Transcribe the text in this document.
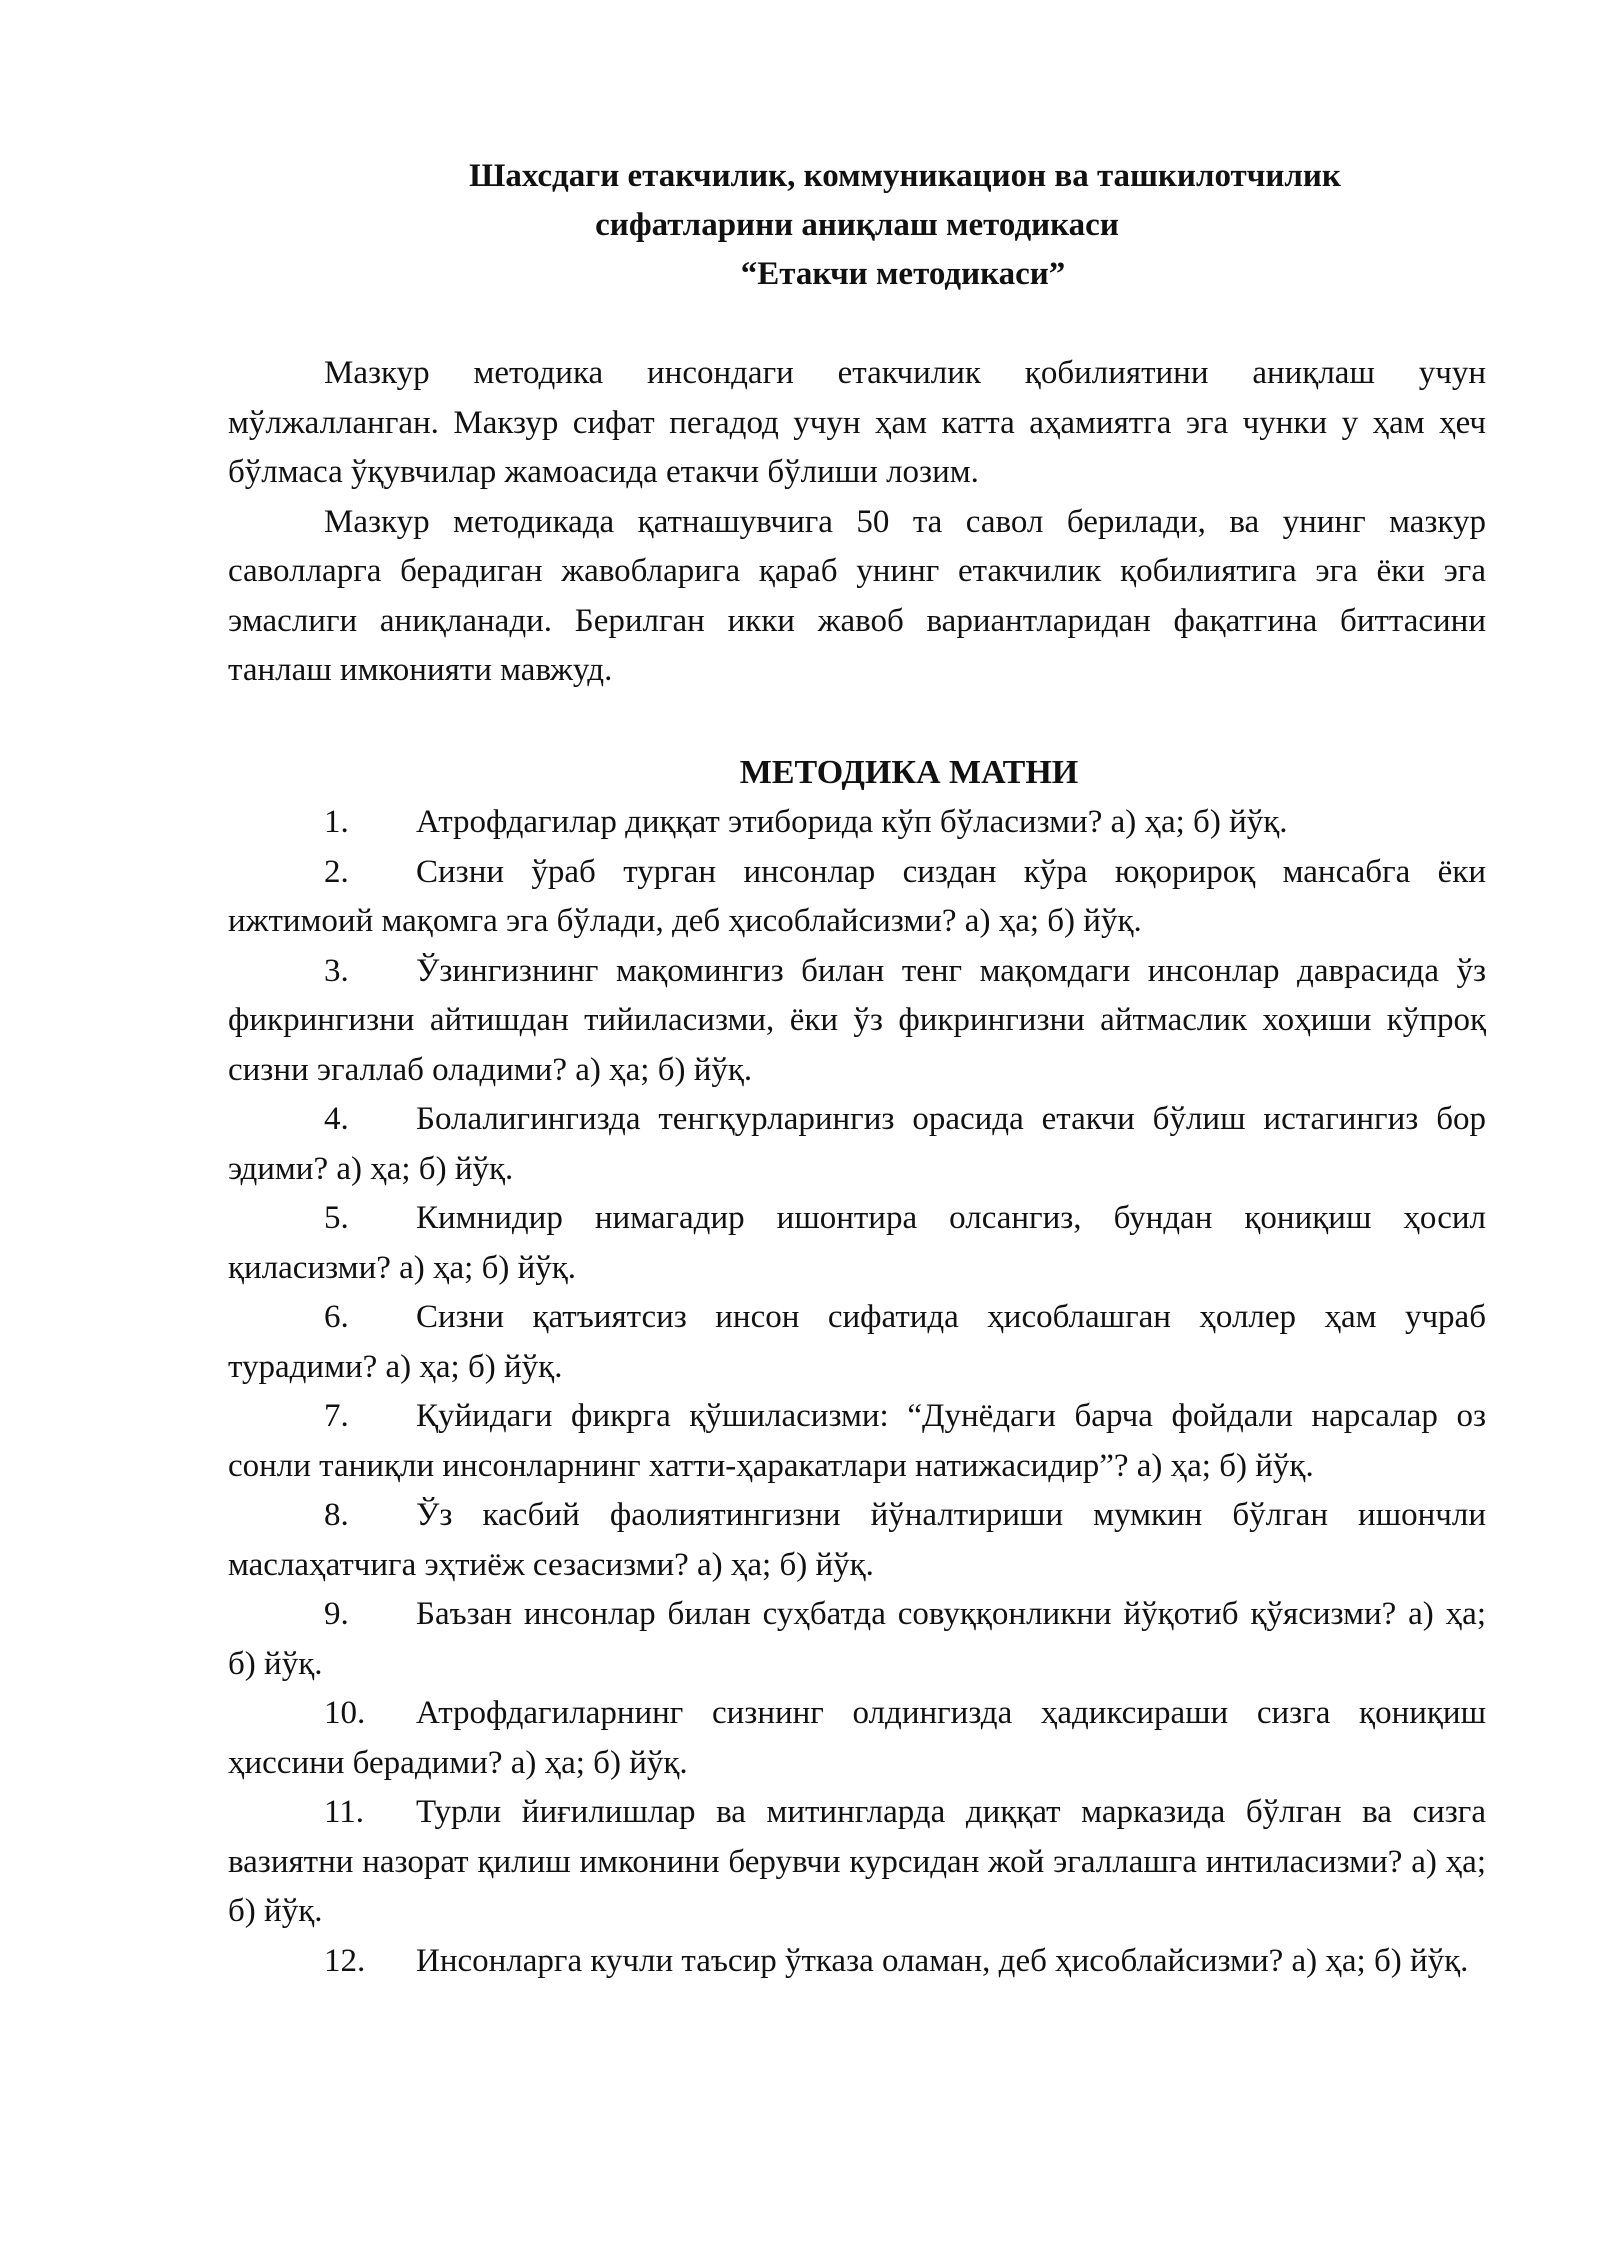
Шахсдаги етакчилик, коммуникацион ва ташкилотчилик
сифатларини аниқлаш методикаси
“Етакчи методикаси”

Мазкур методика инсондаги етакчилик қобилиятини аниқлаш учун мўлжалланган. Макзур сифат пегадод учун ҳам катта аҳамиятга эга чунки у ҳам ҳеч бўлмаса ўқувчилар жамоасида етакчи бўлиши лозим.

Мазкур методикада қатнашувчига 50 та савол берилади, ва унинг мазкур саволларга берадиган жавобларига қараб унинг етакчилик қобилиятига эга ёки эга эмаслиги аниқланади. Берилган икки жавоб вариантларидан фақатгина биттасини танлаш имконияти мавжуд.

МЕТОДИКА МАТНИ

1. Атрофдагилар диққат этиборида кўп бўласизми? а) ҳа; б) йўқ.

2. Сизни ўраб турган инсонлар сиздан кўра юқорироқ мансабга ёки ижтимоий мақомга эга бўлади, деб ҳисоблайсизми? а) ҳа; б) йўқ.

3. Ўзингизнинг мақомингиз билан тенг мақомдаги инсонлар даврасида ўз фикрингизни айтишдан тийиласизми, ёки ўз фикрингизни айтмаслик хоҳиши кўпроқ сизни эгаллаб оладими? а) ҳа; б) йўқ.

4. Болалигингизда тенгқурларингиз орасида етакчи бўлиш истагингиз бор эдими? а) ҳа; б) йўқ.

5. Кимнидир нимагадир ишонтира олсангиз, бундан қониқиш ҳосил қиласизми? а) ҳа; б) йўқ.

6. Сизни қатъиятсиз инсон сифатида ҳисоблашган ҳоллер ҳам учраб турадими? а) ҳа; б) йўқ.

7. Қуйидаги фикрга қўшиласизми: “Дунёдаги барча фойдали нарсалар оз сонли таниқли инсонларнинг хатти-ҳаракатлари натижасидир”? а) ҳа; б) йўқ.

8. Ўз касбий фаолиятингизни йўналтириши мумкин бўлган ишончли маслаҳатчига эҳтиёж сезасизми? а) ҳа; б) йўқ.

9. Баъзан инсонлар билан суҳбатда совуққонликни йўқотиб қўясизми? а) ҳа; б) йўқ.

10. Атрофдагиларнинг сизнинг олдингизда ҳадиксираши сизга қониқиш ҳиссини берадими? а) ҳа; б) йўқ.

11. Турли йиғилишлар ва митингларда диққат марказида бўлган ва сизга вазиятни назорат қилиш имконини берувчи курсидан жой эгаллашга интиласизми? а) ҳа; б) йўқ.

12. Инсонларга кучли таъсир ўтказа оламан, деб ҳисоблайсизми? а) ҳа; б) йўқ.
